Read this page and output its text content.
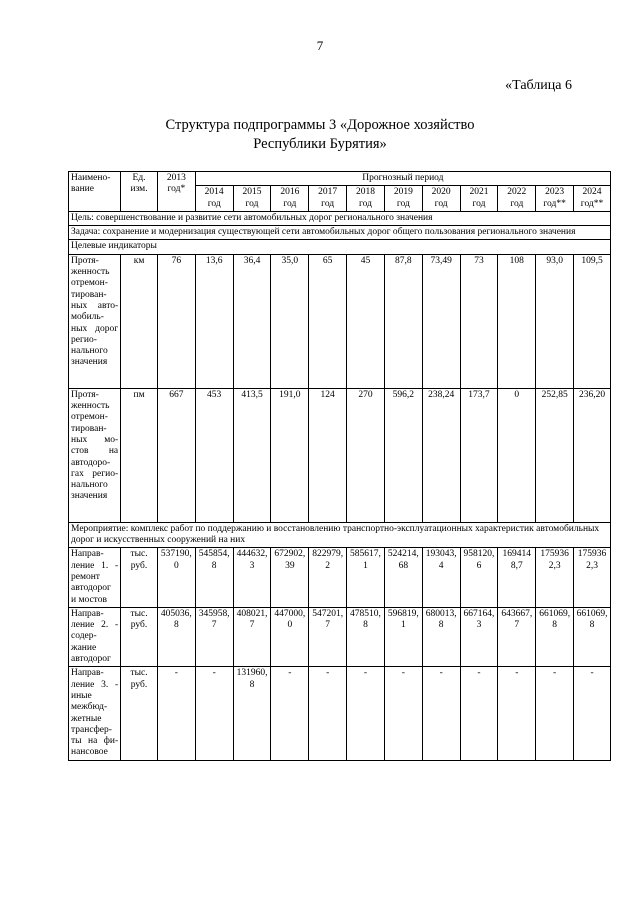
7
«Таблица 6
Структура подпрограммы 3 «Дорожное хозяйство
Республики Бурятия»
Наимено-вание	Ед. изм.	2013 год*	Прогнозный период										
			2014 год	2015 год	2016 год	2017 год	2018 год	2019 год	2020 год	2021 год	2022 год	2023 год**	2024 год**
Цель: совершенствование и развитие сети автомобильных дорог регионального значения													
Задача: сохранение и модернизация существующей сети автомобильных дорог общего пользования регионального значения													
Целевые индикаторы													
Протя-женность отремон-тирован-ных авто-мобиль-ных дорог регио-нального значения	км	76	13,6	36,4	35,0	65	45	87,8	73,49	73	108	93,0	109,5
Протя-женность отремон-тирован-ных мо-стов на автодоро-гах регио-нального значения	пм	667	453	413,5	191,0	124	270	596,2	238,24	173,7	0	252,85	236,20
Мероприятие: комплекс работ по поддержанию и восстановлению транспортно-эксплуатационных характеристик автомобильных дорог и искусственных сооружений на них													
Направ-ление 1. - ремонт автодорог и мостов	тыс. руб.	537190,0	545854,8	444632,3	672902,39	822979,2	585617,1	524214,68	193043,4	958120,6	1694148,7	1759362,3	1759362,3
Направ-ление 2. - содер-жание автодорог	тыс. руб.	405036,8	345958,7	408021,7	447000,0	547201,7	478510,8	596819,1	680013,8	667164,3	643667,7	661069,8	661069,8
Направ-ление 3. - иные межбюд-жетные трансфер-ты на фи-нансовое	тыс. руб.	-	-	131960,8	-	-	-	-	-	-	-	-	-
